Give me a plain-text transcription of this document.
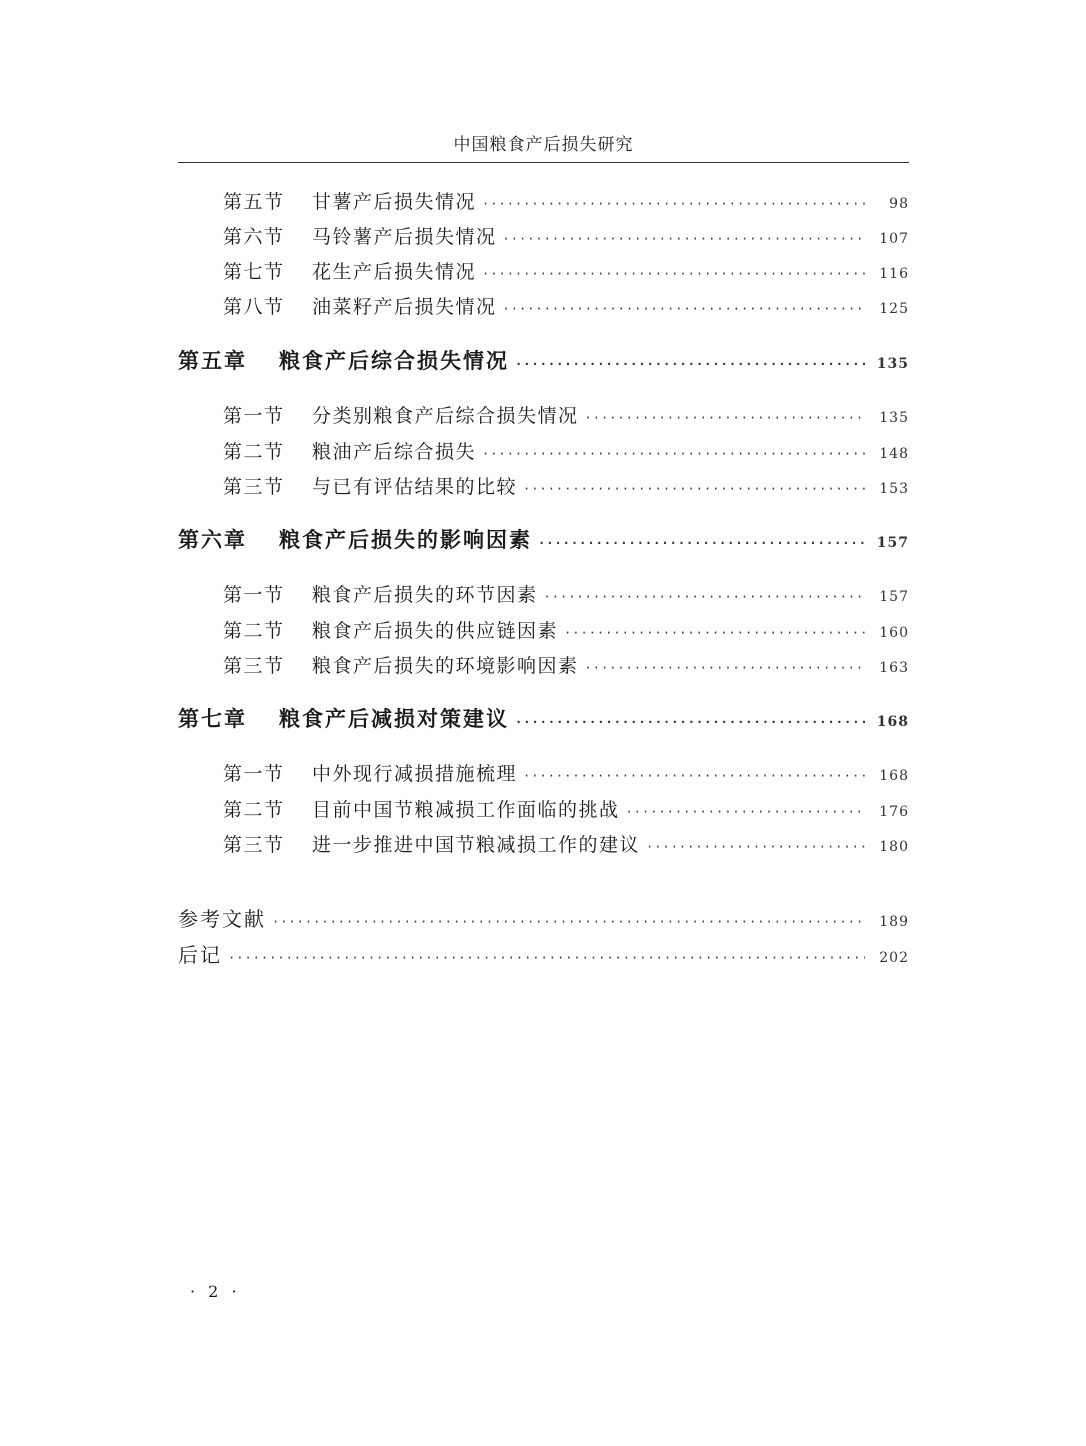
中国粮食产后损失研究
第五节 甘薯产后损失情况 ·····	98
第六节 马铃薯产后损失情况 ·····	107
第七节 花生产后损失情况 ·····	116
第八节 油菜籽产后损失情况 ·····	125
第五章 粮食产后综合损失情况 ·····	135
第一节 分类别粮食产后综合损失情况 ·····	135
第二节 粮油产后综合损失 ·····	148
第三节 与已有评估结果的比较 ·····	153
第六章 粮食产后损失的影响因素 ·····	157
第一节 粮食产后损失的环节因素 ·····	157
第二节 粮食产后损失的供应链因素 ·····	160
第三节 粮食产后损失的环境影响因素 ·····	163
第七章 粮食产后减损对策建议 ·····	168
第一节 中外现行减损措施梳理 ·····	168
第二节 目前中国节粮减损工作面临的挑战 ·····	176
第三节 进一步推进中国节粮减损工作的建议 ·····	180
参考文献 ·····	189
后记 ·····	202
· 2 ·
